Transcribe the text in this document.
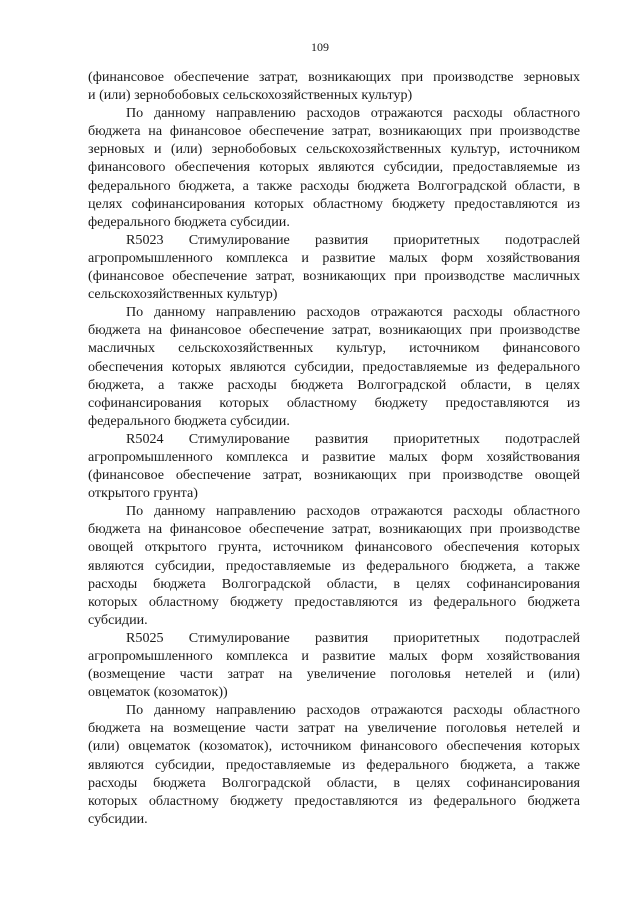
109
(финансовое обеспечение затрат, возникающих при производстве зерновых
и (или) зернобобовых сельскохозяйственных культур)
По данному направлению расходов отражаются расходы областного
бюджета на финансовое обеспечение затрат, возникающих при производстве
зерновых и (или) зернобобовых сельскохозяйственных культур, источником
финансового обеспечения которых являются субсидии, предоставляемые из
федерального бюджета, а также расходы бюджета Волгоградской области, в
целях софинансирования которых областному бюджету предоставляются из
федерального бюджета субсидии.
R5023 Стимулирование развития приоритетных подотраслей
агропромышленного комплекса и развитие малых форм хозяйствования
(финансовое обеспечение затрат, возникающих при производстве масличных
сельскохозяйственных культур)
По данному направлению расходов отражаются расходы областного
бюджета на финансовое обеспечение затрат, возникающих при производстве
масличных сельскохозяйственных культур, источником финансового
обеспечения которых являются субсидии, предоставляемые из федерального
бюджета, а также расходы бюджета Волгоградской области, в целях
софинансирования которых областному бюджету предоставляются из
федерального бюджета субсидии.
R5024 Стимулирование развития приоритетных подотраслей
агропромышленного комплекса и развитие малых форм хозяйствования
(финансовое обеспечение затрат, возникающих при производстве овощей
открытого грунта)
По данному направлению расходов отражаются расходы областного
бюджета на финансовое обеспечение затрат, возникающих при производстве
овощей открытого грунта, источником финансового обеспечения которых
являются субсидии, предоставляемые из федерального бюджета, а также
расходы бюджета Волгоградской области, в целях софинансирования
которых областному бюджету предоставляются из федерального бюджета
субсидии.
R5025 Стимулирование развития приоритетных подотраслей
агропромышленного комплекса и развитие малых форм хозяйствования
(возмещение части затрат на увеличение поголовья нетелей и (или)
овцематок (козоматок))
По данному направлению расходов отражаются расходы областного
бюджета на возмещение части затрат на увеличение поголовья нетелей и
(или) овцематок (козоматок), источником финансового обеспечения которых
являются субсидии, предоставляемые из федерального бюджета, а также
расходы бюджета Волгоградской области, в целях софинансирования
которых областному бюджету предоставляются из федерального бюджета
субсидии.
